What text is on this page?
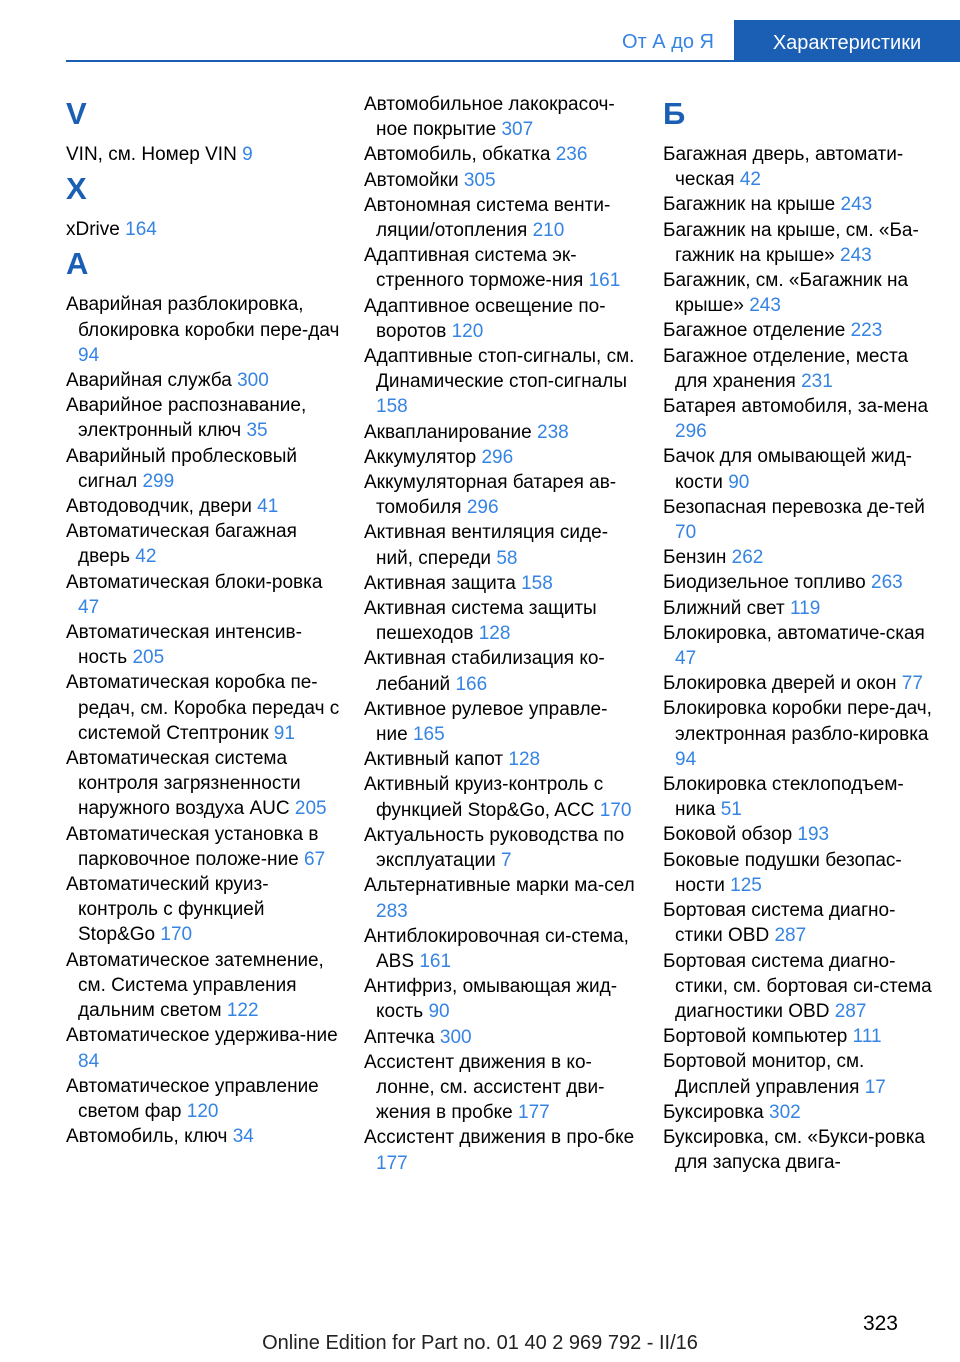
От А до Я	Характеристики
V
VIN, см. Номер VIN 9
X
xDrive 164
А
Аварийная разблокировка, блокировка коробки пере-дач 94
Аварийная служба 300
Аварийное распознавание, электронный ключ 35
Аварийный проблесковый сигнал 299
Автодоводчик, двери 41
Автоматическая багажная дверь 42
Автоматическая блоки-ровка 47
Автоматическая интенсив-ность 205
Автоматическая коробка пе-редач, см. Коробка передач с системой Стептроник 91
Автоматическая система контроля загрязненности наружного воздуха AUC 205
Автоматическая установка в парковочное положе-ние 67
Автоматический круиз-контроль с функцией Stop&Go 170
Автоматическое затемнение, см. Система управления дальним светом 122
Автоматическое удержива-ние 84
Автоматическое управление светом фар 120
Автомобиль, ключ 34
Автомобильное лакокрасоч-ное покрытие 307
Автомобиль, обкатка 236
Автомойки 305
Автономная система венти-ляции/отопления 210
Адаптивная система эк-стренного торможе-ния 161
Адаптивное освещение по-воротов 120
Адаптивные стоп-сигналы, см. Динамические стоп-сигналы 158
Аквапланирование 238
Аккумулятор 296
Аккумуляторная батарея ав-томобиля 296
Активная вентиляция сиде-ний, спереди 58
Активная защита 158
Активная система защиты пешеходов 128
Активная стабилизация ко-лебаний 166
Активное рулевое управле-ние 165
Активный капот 128
Активный круиз-контроль с функцией Stop&Go, ACC 170
Актуальность руководства по эксплуатации 7
Альтернативные марки ма-сел 283
Антиблокировочная си-стема, ABS 161
Антифриз, омывающая жид-кость 90
Аптечка 300
Ассистент движения в ко-лонне, см. ассистент дви-жения в пробке 177
Ассистент движения в про-бке 177
Б
Багажная дверь, автомати-ческая 42
Багажник на крыше 243
Багажник на крыше, см. «Ба-гажник на крыше» 243
Багажник, см. «Багажник на крыше» 243
Багажное отделение 223
Багажное отделение, места для хранения 231
Батарея автомобиля, за-мена 296
Бачок для омывающей жид-кости 90
Безопасная перевозка де-тей 70
Бензин 262
Биодизельное топливо 263
Ближний свет 119
Блокировка, автоматиче-ская 47
Блокировка дверей и окон 77
Блокировка коробки пере-дач, электронная разбло-кировка 94
Блокировка стеклоподъем-ника 51
Боковой обзор 193
Боковые подушки безопас-ности 125
Бортовая система диагно-стики OBD 287
Бортовая система диагно-стики, см. бортовая си-стема диагностики OBD 287
Бортовой компьютер 111
Бортовой монитор, см. Дисплей управления 17
Буксировка 302
Буксировка, см. «Букси-ровка для запуска двига-
323
Online Edition for Part no. 01 40 2 969 792 - II/16
